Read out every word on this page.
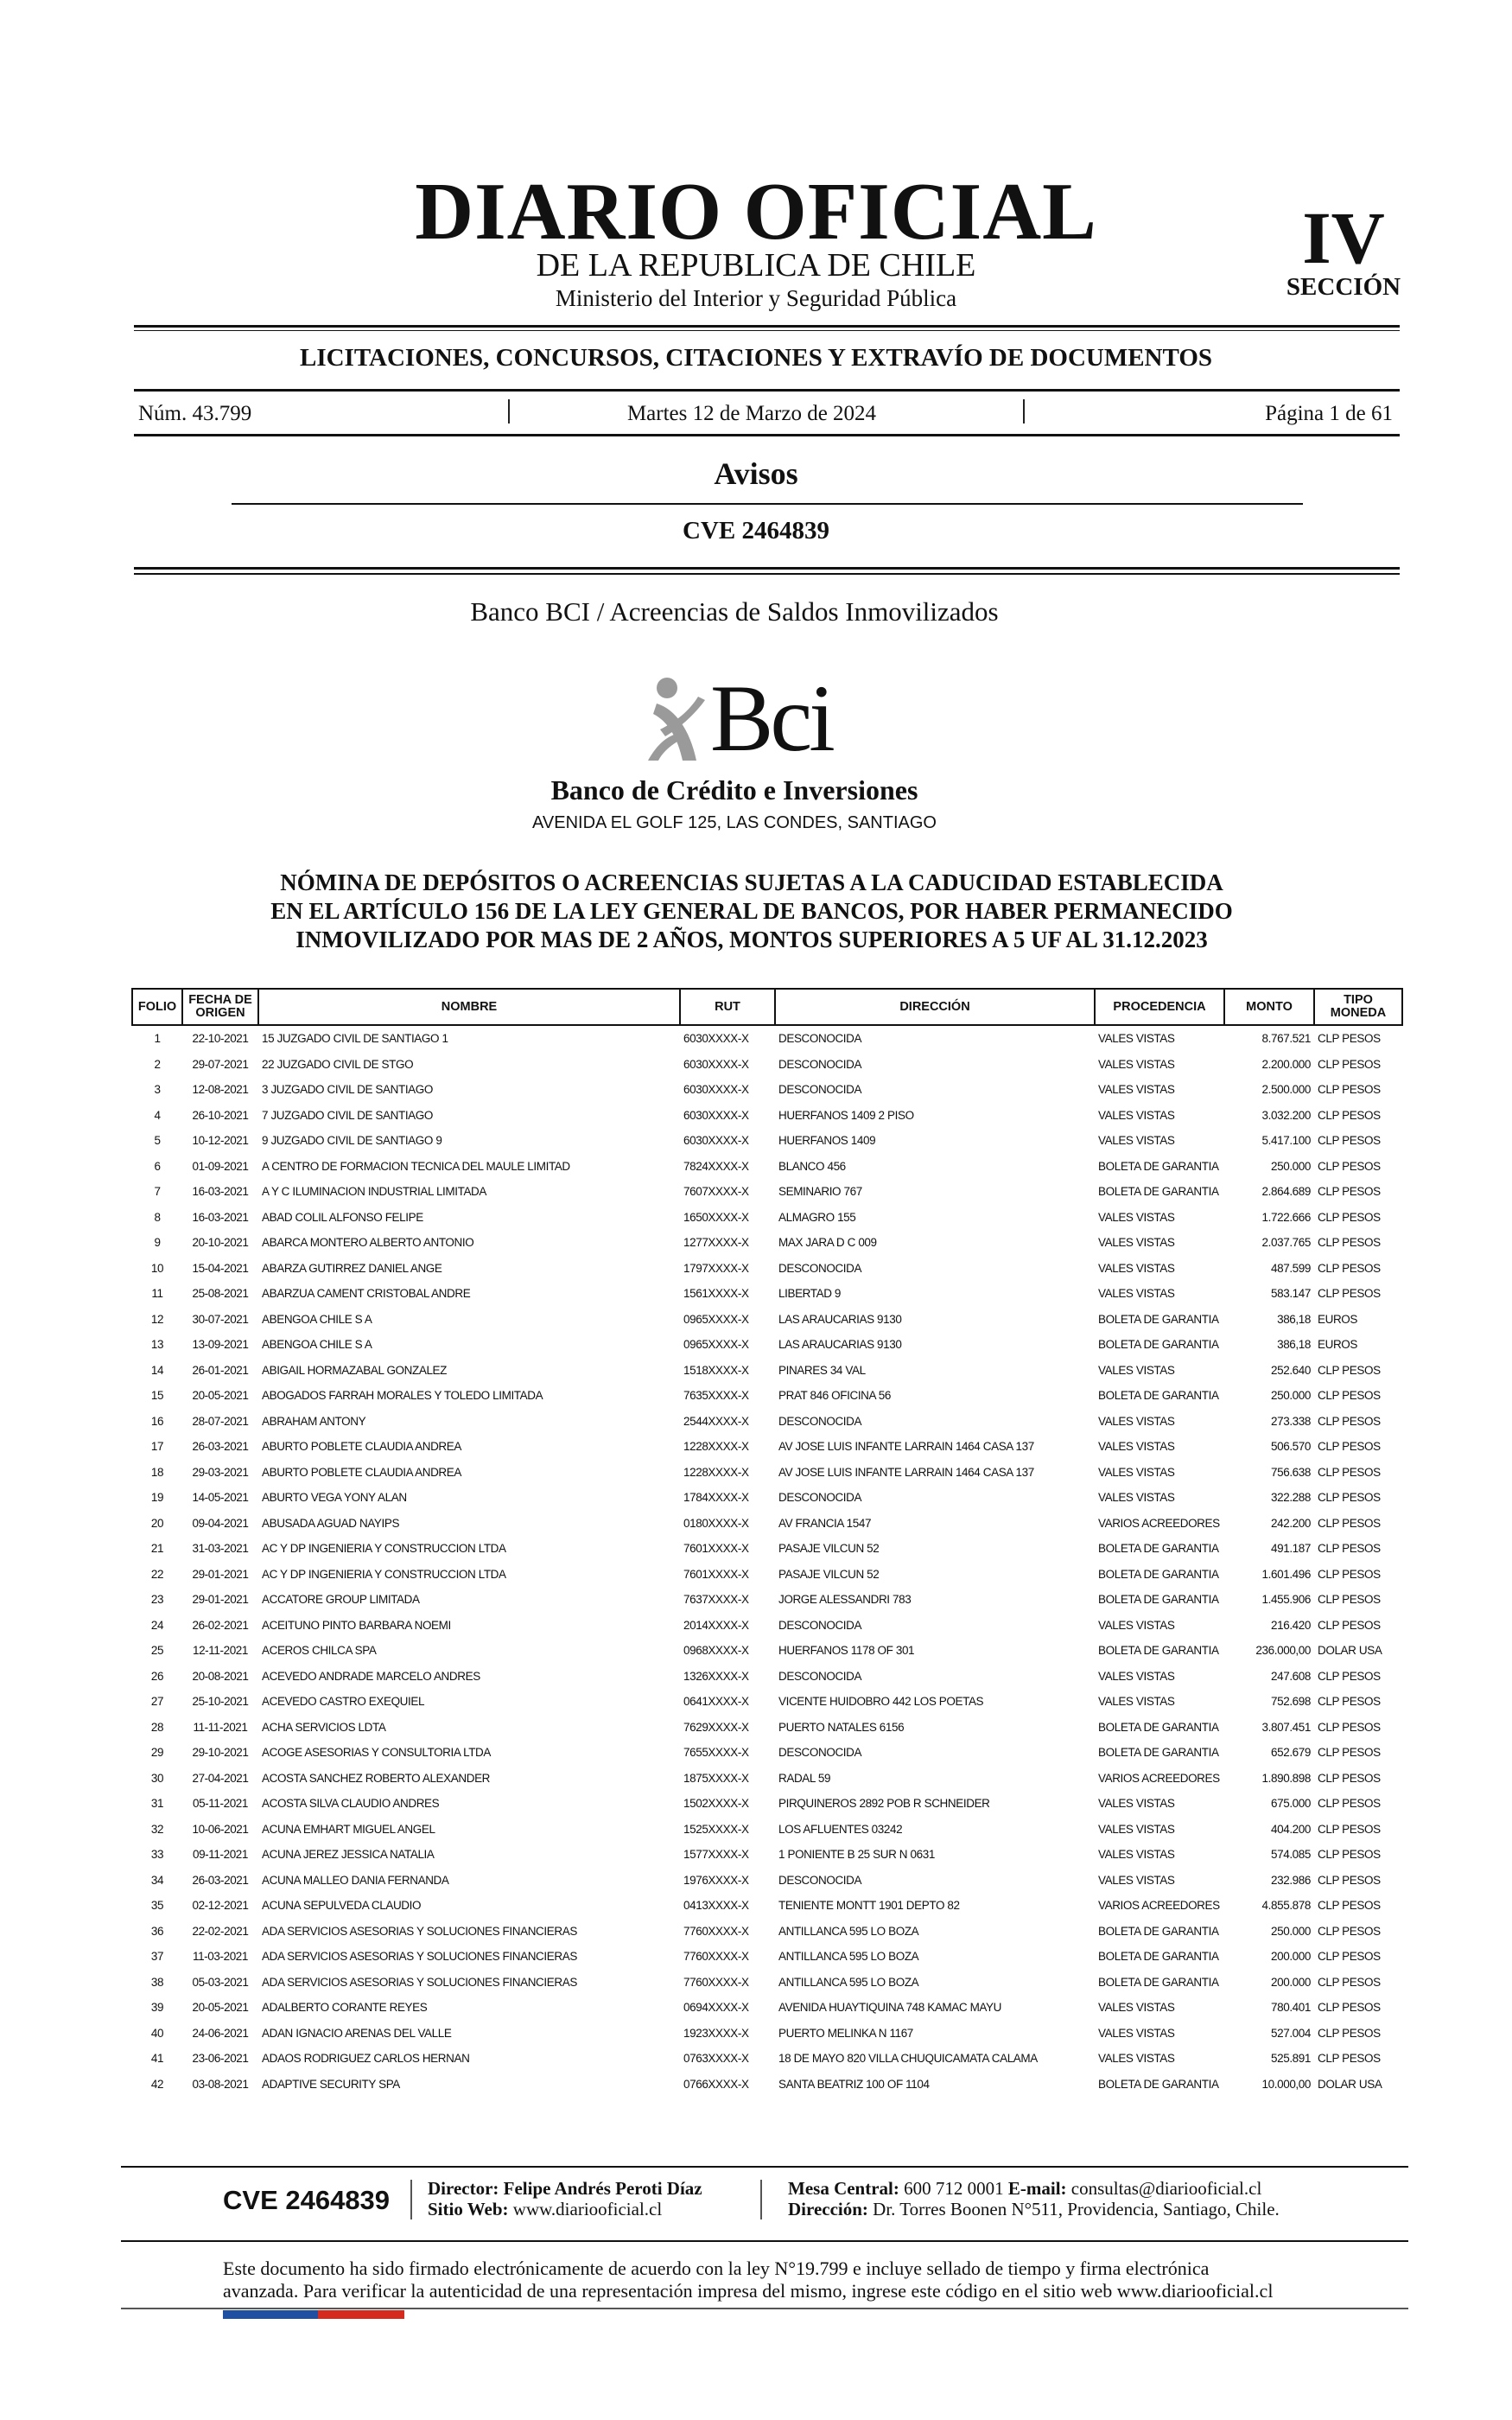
DIARIO OFICIAL
DE LA REPUBLICA DE CHILE
Ministerio del Interior y Seguridad Pública
IV
SECCIÓN
LICITACIONES, CONCURSOS, CITACIONES Y EXTRAVÍO DE DOCUMENTOS
Núm. 43.799	Martes 12 de Marzo de 2024	Página 1 de 61
Avisos
CVE 2464839
Banco BCI / Acreencias de Saldos Inmovilizados
Bci
Banco de Crédito e Inversiones
AVENIDA EL GOLF 125, LAS CONDES, SANTIAGO
NÓMINA DE DEPÓSITOS O ACREENCIAS SUJETAS A LA CADUCIDAD ESTABLECIDA
EN EL ARTÍCULO 156 DE LA LEY GENERAL DE BANCOS, POR HABER PERMANECIDO
INMOVILIZADO POR MAS DE 2 AÑOS, MONTOS SUPERIORES A 5 UF AL 31.12.2023
FOLIO	FECHA DE ORIGEN	NOMBRE	RUT	DIRECCIÓN	PROCEDENCIA	MONTO	TIPO MONEDA
1	22-10-2021	15 JUZGADO CIVIL DE SANTIAGO 1	6030XXXX-X	DESCONOCIDA	VALES VISTAS	8.767.521	CLP PESOS
2	29-07-2021	22 JUZGADO CIVIL DE STGO	6030XXXX-X	DESCONOCIDA	VALES VISTAS	2.200.000	CLP PESOS
3	12-08-2021	3 JUZGADO CIVIL DE SANTIAGO	6030XXXX-X	DESCONOCIDA	VALES VISTAS	2.500.000	CLP PESOS
4	26-10-2021	7 JUZGADO CIVIL DE SANTIAGO	6030XXXX-X	HUERFANOS 1409 2 PISO	VALES VISTAS	3.032.200	CLP PESOS
5	10-12-2021	9 JUZGADO CIVIL DE SANTIAGO 9	6030XXXX-X	HUERFANOS 1409	VALES VISTAS	5.417.100	CLP PESOS
6	01-09-2021	A CENTRO DE FORMACION TECNICA DEL MAULE LIMITAD	7824XXXX-X	BLANCO 456	BOLETA DE GARANTIA	250.000	CLP PESOS
7	16-03-2021	A Y C ILUMINACION INDUSTRIAL LIMITADA	7607XXXX-X	SEMINARIO 767	BOLETA DE GARANTIA	2.864.689	CLP PESOS
8	16-03-2021	ABAD COLIL ALFONSO FELIPE	1650XXXX-X	ALMAGRO 155	VALES VISTAS	1.722.666	CLP PESOS
9	20-10-2021	ABARCA MONTERO ALBERTO ANTONIO	1277XXXX-X	MAX JARA D C 009	VALES VISTAS	2.037.765	CLP PESOS
10	15-04-2021	ABARZA GUTIRREZ DANIEL ANGE	1797XXXX-X	DESCONOCIDA	VALES VISTAS	487.599	CLP PESOS
11	25-08-2021	ABARZUA CAMENT CRISTOBAL ANDRE	1561XXXX-X	LIBERTAD 9	VALES VISTAS	583.147	CLP PESOS
12	30-07-2021	ABENGOA CHILE S A	0965XXXX-X	LAS ARAUCARIAS 9130	BOLETA DE GARANTIA	386,18	EUROS
13	13-09-2021	ABENGOA CHILE S A	0965XXXX-X	LAS ARAUCARIAS 9130	BOLETA DE GARANTIA	386,18	EUROS
14	26-01-2021	ABIGAIL HORMAZABAL GONZALEZ	1518XXXX-X	PINARES 34 VAL	VALES VISTAS	252.640	CLP PESOS
15	20-05-2021	ABOGADOS FARRAH MORALES Y TOLEDO LIMITADA	7635XXXX-X	PRAT 846 OFICINA 56	BOLETA DE GARANTIA	250.000	CLP PESOS
16	28-07-2021	ABRAHAM ANTONY	2544XXXX-X	DESCONOCIDA	VALES VISTAS	273.338	CLP PESOS
17	26-03-2021	ABURTO POBLETE CLAUDIA ANDREA	1228XXXX-X	AV JOSE LUIS INFANTE LARRAIN 1464 CASA 137	VALES VISTAS	506.570	CLP PESOS
18	29-03-2021	ABURTO POBLETE CLAUDIA ANDREA	1228XXXX-X	AV JOSE LUIS INFANTE LARRAIN 1464 CASA 137	VALES VISTAS	756.638	CLP PESOS
19	14-05-2021	ABURTO VEGA YONY ALAN	1784XXXX-X	DESCONOCIDA	VALES VISTAS	322.288	CLP PESOS
20	09-04-2021	ABUSADA AGUAD NAYIPS	0180XXXX-X	AV FRANCIA 1547	VARIOS ACREEDORES	242.200	CLP PESOS
21	31-03-2021	AC Y DP INGENIERIA Y CONSTRUCCION LTDA	7601XXXX-X	PASAJE VILCUN 52	BOLETA DE GARANTIA	491.187	CLP PESOS
22	29-01-2021	AC Y DP INGENIERIA Y CONSTRUCCION LTDA	7601XXXX-X	PASAJE VILCUN 52	BOLETA DE GARANTIA	1.601.496	CLP PESOS
23	29-01-2021	ACCATORE GROUP LIMITADA	7637XXXX-X	JORGE ALESSANDRI 783	BOLETA DE GARANTIA	1.455.906	CLP PESOS
24	26-02-2021	ACEITUNO PINTO BARBARA NOEMI	2014XXXX-X	DESCONOCIDA	VALES VISTAS	216.420	CLP PESOS
25	12-11-2021	ACEROS CHILCA SPA	0968XXXX-X	HUERFANOS 1178 OF 301	BOLETA DE GARANTIA	236.000,00	DOLAR USA
26	20-08-2021	ACEVEDO ANDRADE MARCELO ANDRES	1326XXXX-X	DESCONOCIDA	VALES VISTAS	247.608	CLP PESOS
27	25-10-2021	ACEVEDO CASTRO EXEQUIEL	0641XXXX-X	VICENTE HUIDOBRO 442 LOS POETAS	VALES VISTAS	752.698	CLP PESOS
28	11-11-2021	ACHA SERVICIOS LDTA	7629XXXX-X	PUERTO NATALES 6156	BOLETA DE GARANTIA	3.807.451	CLP PESOS
29	29-10-2021	ACOGE ASESORIAS Y CONSULTORIA LTDA	7655XXXX-X	DESCONOCIDA	BOLETA DE GARANTIA	652.679	CLP PESOS
30	27-04-2021	ACOSTA SANCHEZ ROBERTO ALEXANDER	1875XXXX-X	RADAL 59	VARIOS ACREEDORES	1.890.898	CLP PESOS
31	05-11-2021	ACOSTA SILVA CLAUDIO ANDRES	1502XXXX-X	PIRQUINEROS 2892 POB R SCHNEIDER	VALES VISTAS	675.000	CLP PESOS
32	10-06-2021	ACUNA EMHART MIGUEL ANGEL	1525XXXX-X	LOS AFLUENTES 03242	VALES VISTAS	404.200	CLP PESOS
33	09-11-2021	ACUNA JEREZ JESSICA NATALIA	1577XXXX-X	1 PONIENTE B 25 SUR N 0631	VALES VISTAS	574.085	CLP PESOS
34	26-03-2021	ACUNA MALLEO DANIA FERNANDA	1976XXXX-X	DESCONOCIDA	VALES VISTAS	232.986	CLP PESOS
35	02-12-2021	ACUNA SEPULVEDA CLAUDIO	0413XXXX-X	TENIENTE MONTT 1901 DEPTO 82	VARIOS ACREEDORES	4.855.878	CLP PESOS
36	22-02-2021	ADA SERVICIOS ASESORIAS Y SOLUCIONES FINANCIERAS	7760XXXX-X	ANTILLANCA 595 LO BOZA	BOLETA DE GARANTIA	250.000	CLP PESOS
37	11-03-2021	ADA SERVICIOS ASESORIAS Y SOLUCIONES FINANCIERAS	7760XXXX-X	ANTILLANCA 595 LO BOZA	BOLETA DE GARANTIA	200.000	CLP PESOS
38	05-03-2021	ADA SERVICIOS ASESORIAS Y SOLUCIONES FINANCIERAS	7760XXXX-X	ANTILLANCA 595 LO BOZA	BOLETA DE GARANTIA	200.000	CLP PESOS
39	20-05-2021	ADALBERTO CORANTE REYES	0694XXXX-X	AVENIDA HUAYTIQUINA 748 KAMAC MAYU	VALES VISTAS	780.401	CLP PESOS
40	24-06-2021	ADAN IGNACIO ARENAS DEL VALLE	1923XXXX-X	PUERTO MELINKA N 1167	VALES VISTAS	527.004	CLP PESOS
41	23-06-2021	ADAOS RODRIGUEZ CARLOS HERNAN	0763XXXX-X	18 DE MAYO 820 VILLA CHUQUICAMATA CALAMA	VALES VISTAS	525.891	CLP PESOS
42	03-08-2021	ADAPTIVE SECURITY SPA	0766XXXX-X	SANTA BEATRIZ 100 OF 1104	BOLETA DE GARANTIA	10.000,00	DOLAR USA
CVE 2464839 Director: Felipe Andrés Peroti Díaz
Sitio Web: www.diariooficial.cl
Mesa Central: 600 712 0001 E-mail: consultas@diariooficial.cl
Dirección: Dr. Torres Boonen N°511, Providencia, Santiago, Chile.
Este documento ha sido firmado electrónicamente de acuerdo con la ley N°19.799 e incluye sellado de tiempo y firma electrónica
avanzada. Para verificar la autenticidad de una representación impresa del mismo, ingrese este código en el sitio web www.diariooficial.cl
